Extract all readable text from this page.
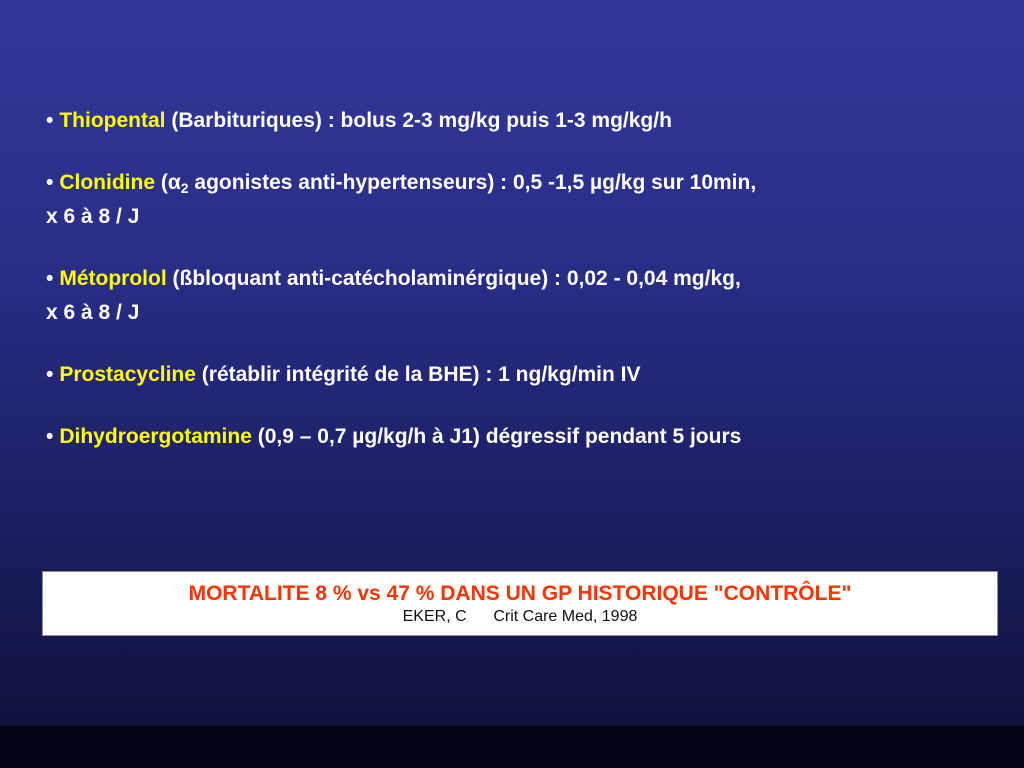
• Thiopental (Barbituriques) : bolus 2-3 mg/kg puis 1-3 mg/kg/h
• Clonidine ($\alpha_2$ agonistes anti-hypertenseurs) : 0,5 -1,5 µg/kg sur 10min,
x 6 à 8 / J
• Métoprolol (ßbloquant anti-catécholaminérgique) : 0,02 - 0,04 mg/kg,
x 6 à 8 / J
• Prostacycline (rétablir intégrité de la BHE) : 1 ng/kg/min IV
• Dihydroergotamine (0,9 – 0,7 µg/kg/h à J1) dégressif pendant 5 jours
MORTALITE 8 % vs 47 % DANS UN GP HISTORIQUE "CONTRÔLE"
EKER, C Crit Care Med, 1998
